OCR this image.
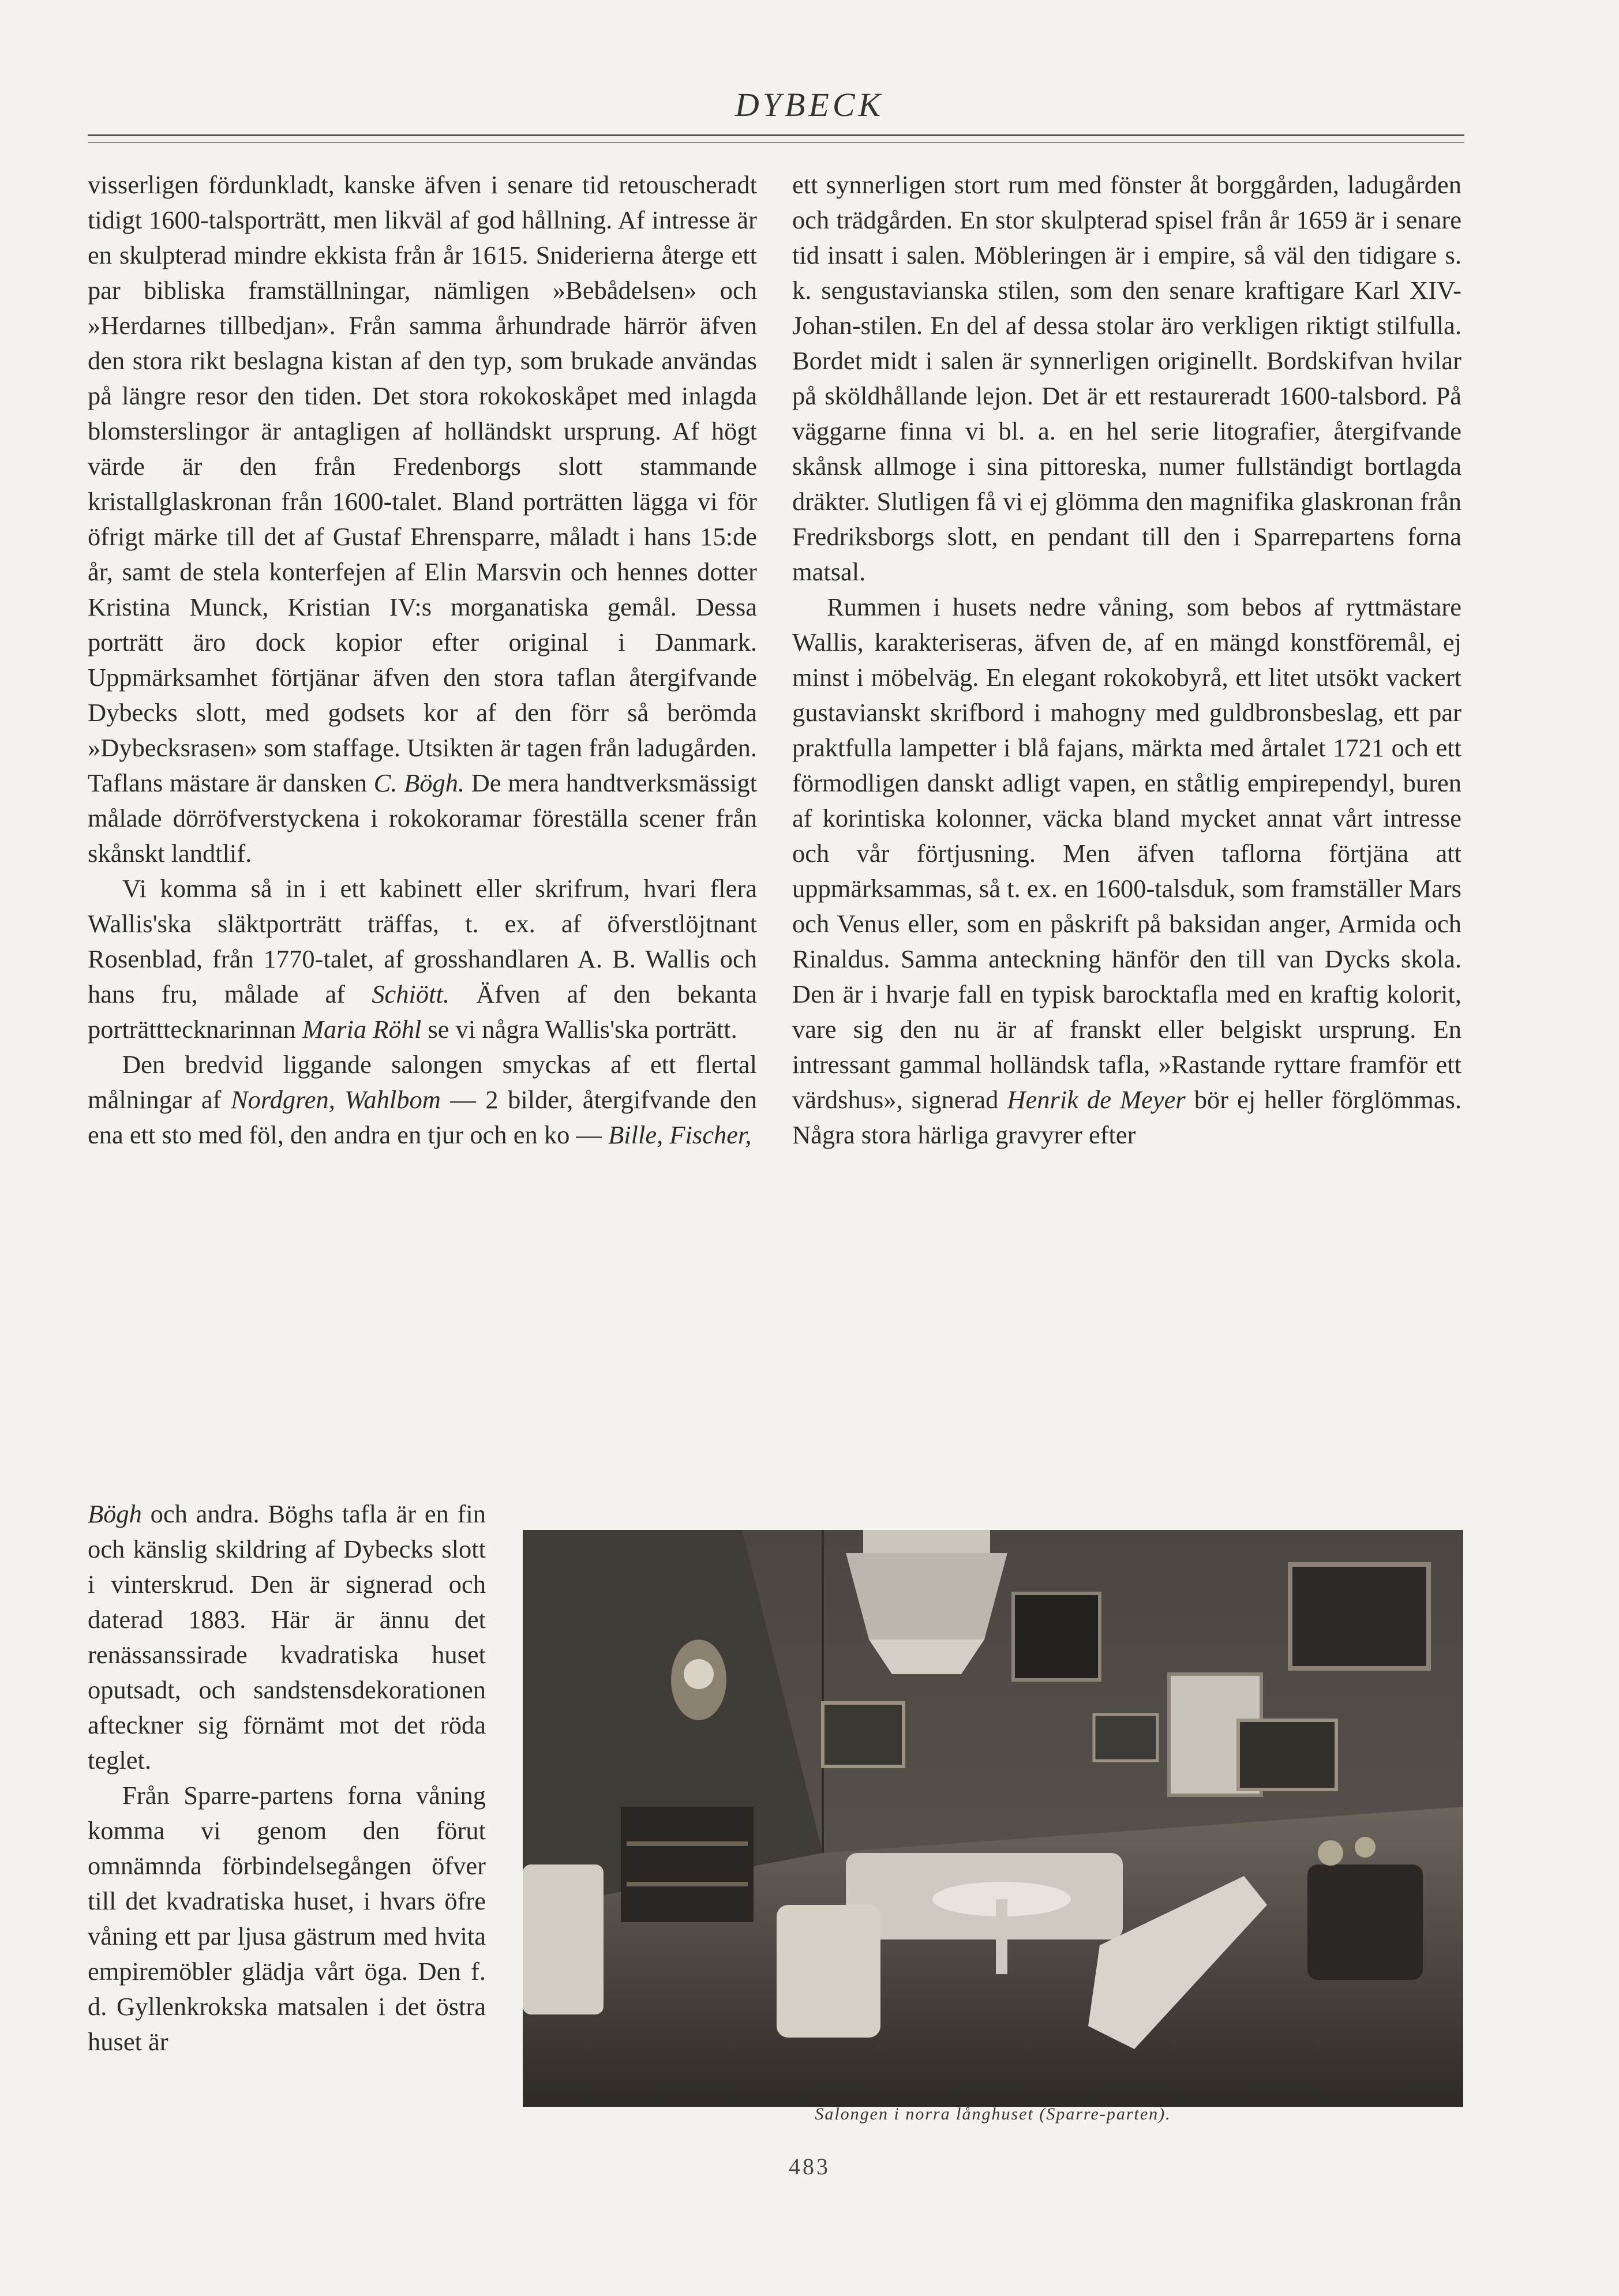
DYBECK

visserligen fördunkladt, kanske äfven i senare tid retouscheradt tidigt 1600-talsporträtt, men likväl af god hållning. Af intresse är en skulpterad mindre ekkista från år 1615. Sniderierna återge ett par bibliska framställningar, nämligen »Bebådelsen» och »Herdarnes tillbedjan». Från samma århundrade härrör äfven den stora rikt beslagna kistan af den typ, som brukade användas på längre resor den tiden. Det stora rokokoskåpet med inlagda blomsterslingor är antagligen af holländskt ursprung. Af högt värde är den från Fredenborgs slott stammande kristallglaskronan från 1600-talet. Bland porträtten lägga vi för öfrigt märke till det af Gustaf Ehrensparre, måladt i hans 15:de år, samt de stela konterfejen af Elin Marsvin och hennes dotter Kristina Munck, Kristian IV:s morganatiska gemål. Dessa porträtt äro dock kopior efter original i Danmark. Uppmärksamhet förtjänar äfven den stora taflan återgifvande Dybecks slott, med godsets kor af den förr så berömda »Dybecksrasen» som staffage. Utsikten är tagen från ladugården. Taflans mästare är dansken C. Bögh. De mera handtverksmässigt målade dörröfverstyckena i rokokoramar föreställa scener från skånskt landtlif.

Vi komma så in i ett kabinett eller skrifrum, hvari flera Wallis'ska släktporträtt träffas, t. ex. af öfverstlöjtnant Rosenblad, från 1770-talet, af grosshandlaren A. B. Wallis och hans fru, målade af Schiött. Äfven af den bekanta porträtttecknarinnan Maria Röhl se vi några Wallis'ska porträtt.

Den bredvid liggande salongen smyckas af ett flertal målningar af Nordgren, Wahlbom — 2 bilder, återgifvande den ena ett sto med föl, den andra en tjur och en ko — Bille, Fischer,

Bögh och andra. Böghs tafla är en fin och känslig skildring af Dybecks slott i vinterskrud. Den är signerad och daterad 1883. Här är ännu det renässanssirade kvadratiska huset oputsadt, och sandstensdekorationen afteckner sig förnämt mot det röda teglet.

Från Sparre-partens forna våning komma vi genom den förut omnämnda förbindelsegången öfver till det kvadratiska huset, i hvars öfre våning ett par ljusa gästrum med hvita empiremöbler glädja vårt öga. Den f. d. Gyllenkrokska matsalen i det östra huset är

ett synnerligen stort rum med fönster åt borggården, ladugården och trädgården. En stor skulpterad spisel från år 1659 är i senare tid insatt i salen. Möbleringen är i empire, så väl den tidigare s. k. sengustavianska stilen, som den senare kraftigare Karl XIV-Johan-stilen. En del af dessa stolar äro verkligen riktigt stilfulla. Bordet midt i salen är synnerligen originellt. Bordskifvan hvilar på sköldhållande lejon. Det är ett restaureradt 1600-talsbord. På väggarne finna vi bl. a. en hel serie litografier, återgifvande skånsk allmoge i sina pittoreska, numer fullständigt bortlagda dräkter. Slutligen få vi ej glömma den magnifika glaskronan från Fredriksborgs slott, en pendant till den i Sparrepartens forna matsal.

Rummen i husets nedre våning, som bebos af ryttmästare Wallis, karakteriseras, äfven de, af en mängd konstföremål, ej minst i möbelväg. En elegant rokokobyrå, ett litet utsökt vackert gustavianskt skrifbord i mahogny med guldbronsbeslag, ett par praktfulla lampetter i blå fajans, märkta med årtalet 1721 och ett förmodligen danskt adligt vapen, en ståtlig empirependyl, buren af korintiska kolonner, väcka bland mycket annat vårt intresse och vår förtjusning. Men äfven taflorna förtjäna att uppmärksammas, så t. ex. en 1600-talsduk, som framställer Mars och Venus eller, som en påskrift på baksidan anger, Armida och Rinaldus. Samma anteckning hänför den till van Dycks skola. Den är i hvarje fall en typisk barocktafla med en kraftig kolorit, vare sig den nu är af franskt eller belgiskt ursprung. En intressant gammal holländsk tafla, »Rastande ryttare framför ett värdshus», signerad Henrik de Meyer bör ej heller förglömmas. Några stora härliga gravyrer efter

Salongen i norra långhuset (Sparre-parten).
483
